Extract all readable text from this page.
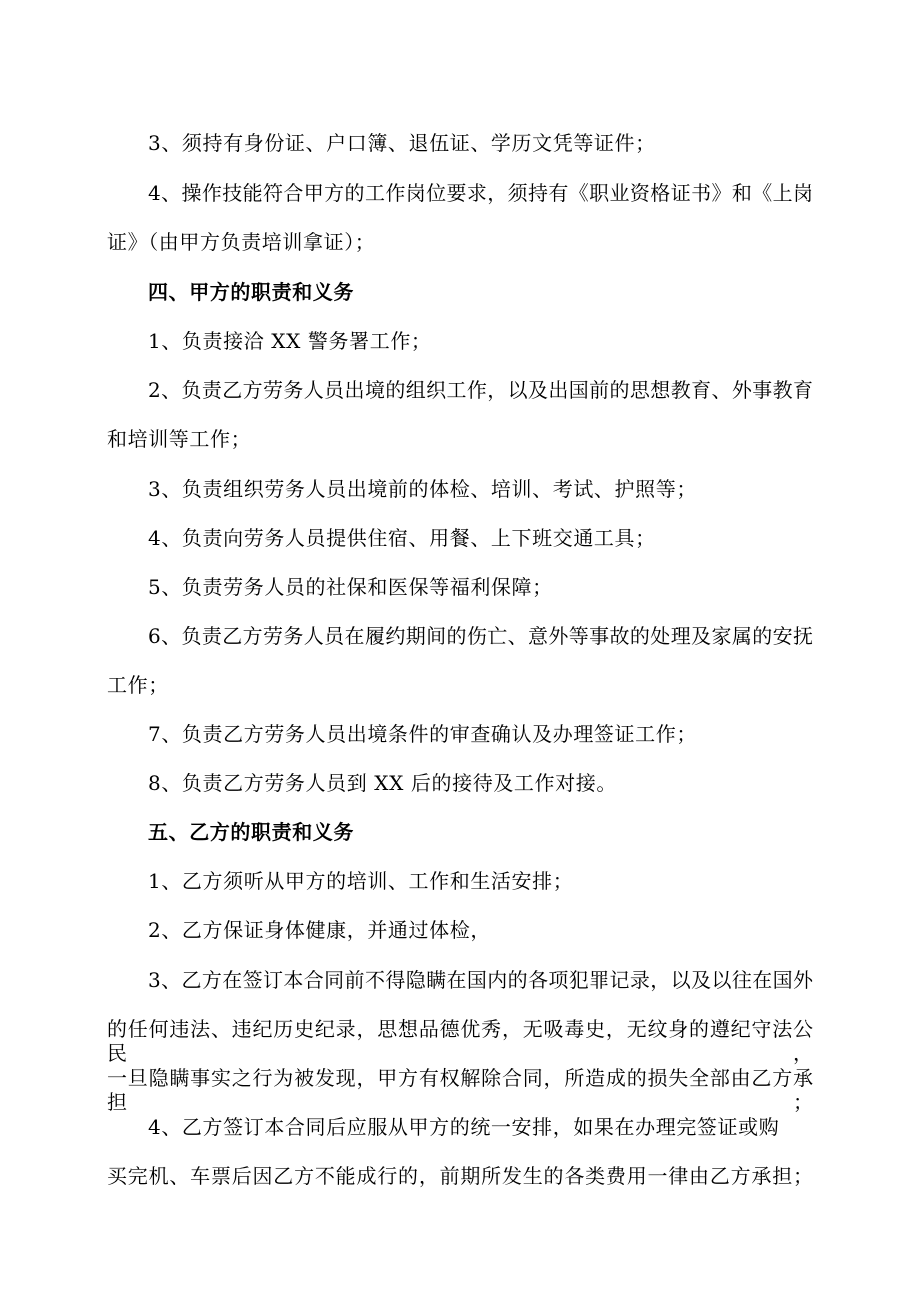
3、须持有身份证、户口簿、退伍证、学历文凭等证件；
4、操作技能符合甲方的工作岗位要求，须持有《职业资格证书》和《上岗
证》（由甲方负责培训拿证）；
四、甲方的职责和义务
1、负责接洽 XX 警务署工作；
2、负责乙方劳务人员出境的组织工作，以及出国前的思想教育、外事教育
和培训等工作；
3、负责组织劳务人员出境前的体检、培训、考试、护照等；
4、负责向劳务人员提供住宿、用餐、上下班交通工具；
5、负责劳务人员的社保和医保等福利保障；
6、负责乙方劳务人员在履约期间的伤亡、意外等事故的处理及家属的安抚
工作；
7、负责乙方劳务人员出境条件的审查确认及办理签证工作；
8、负责乙方劳务人员到 XX 后的接待及工作对接。
五、乙方的职责和义务
1、乙方须听从甲方的培训、工作和生活安排；
2、乙方保证身体健康，并通过体检，
3、乙方在签订本合同前不得隐瞒在国内的各项犯罪记录，以及以往在国外
的任何违法、违纪历史纪录，思想品德优秀，无吸毒史，无纹身的遵纪守法公民，
一旦隐瞒事实之行为被发现，甲方有权解除合同，所造成的损失全部由乙方承担；
4、乙方签订本合同后应服从甲方的统一安排，如果在办理完签证或购
买完机、车票后因乙方不能成行的，前期所发生的各类费用一律由乙方承担；
